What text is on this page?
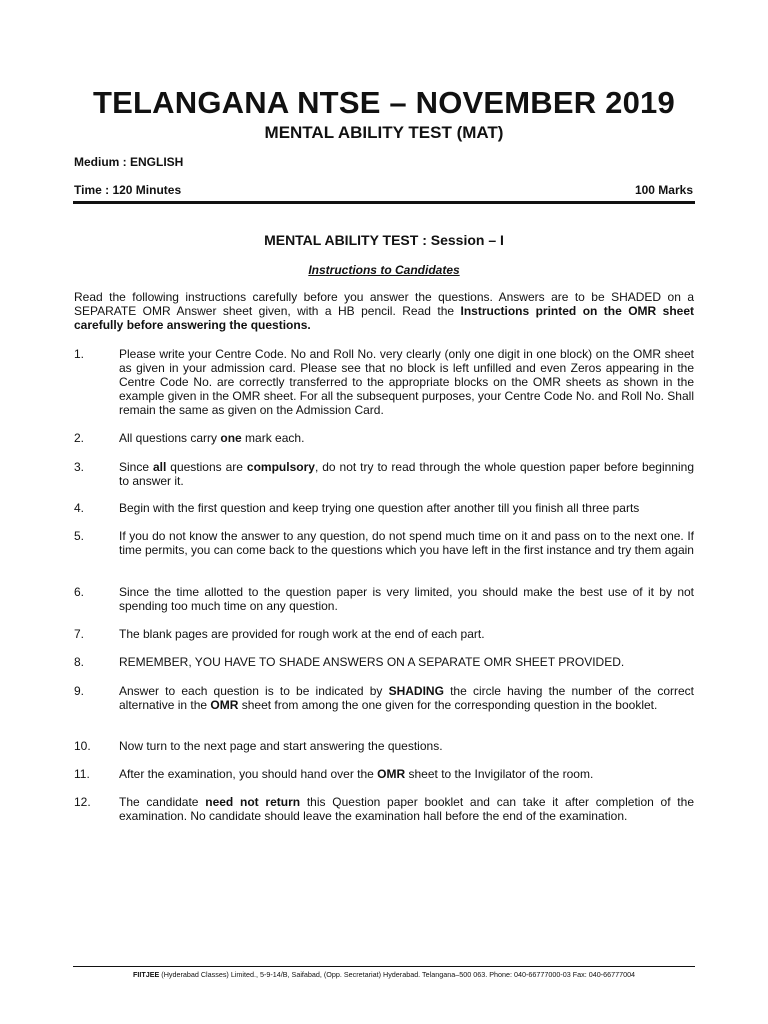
TELANGANA NTSE – NOVEMBER 2019
MENTAL ABILITY TEST (MAT)
Medium : ENGLISH
Time : 120 Minutes	100 Marks
MENTAL ABILITY TEST : Session – I
Instructions to Candidates
Read the following instructions carefully before you answer the questions. Answers are to be SHADED on a SEPARATE OMR Answer sheet given, with a HB pencil. Read the Instructions printed on the OMR sheet carefully before answering the questions.
1.	Please write your Centre Code. No and Roll No. very clearly (only one digit in one block) on the OMR sheet as given in your admission card. Please see that no block is left unfilled and even Zeros appearing in the Centre Code No. are correctly transferred to the appropriate blocks on the OMR sheets as shown in the example given in the OMR sheet. For all the subsequent purposes, your Centre Code No. and Roll No. Shall remain the same as given on the Admission Card.
2.	All questions carry one mark each.
3.	Since all questions are compulsory, do not try to read through the whole question paper before beginning to answer it.
4.	Begin with the first question and keep trying one question after another till you finish all three parts
5.	If you do not know the answer to any question, do not spend much time on it and pass on to the next one. If time permits, you can come back to the questions which you have left in the first instance and try them again
6.	Since the time allotted to the question paper is very limited, you should make the best use of it by not spending too much time on any question.
7.	The blank pages are provided for rough work at the end of each part.
8.	REMEMBER, YOU HAVE TO SHADE ANSWERS ON A SEPARATE OMR SHEET PROVIDED.
9.	Answer to each question is to be indicated by SHADING the circle having the number of the correct alternative in the OMR sheet from among the one given for the corresponding question in the booklet.
10.	Now turn to the next page and start answering the questions.
11.	After the examination, you should hand over the OMR sheet to the Invigilator of the room.
12.	The candidate need not return this Question paper booklet and can take it after completion of the examination. No candidate should leave the examination hall before the end of the examination.
FIITJEE (Hyderabad Classes) Limited., 5-9-14/B, Saifabad, (Opp. Secretariat) Hyderabad. Telangana–500 063. Phone: 040-66777000-03 Fax: 040-66777004
